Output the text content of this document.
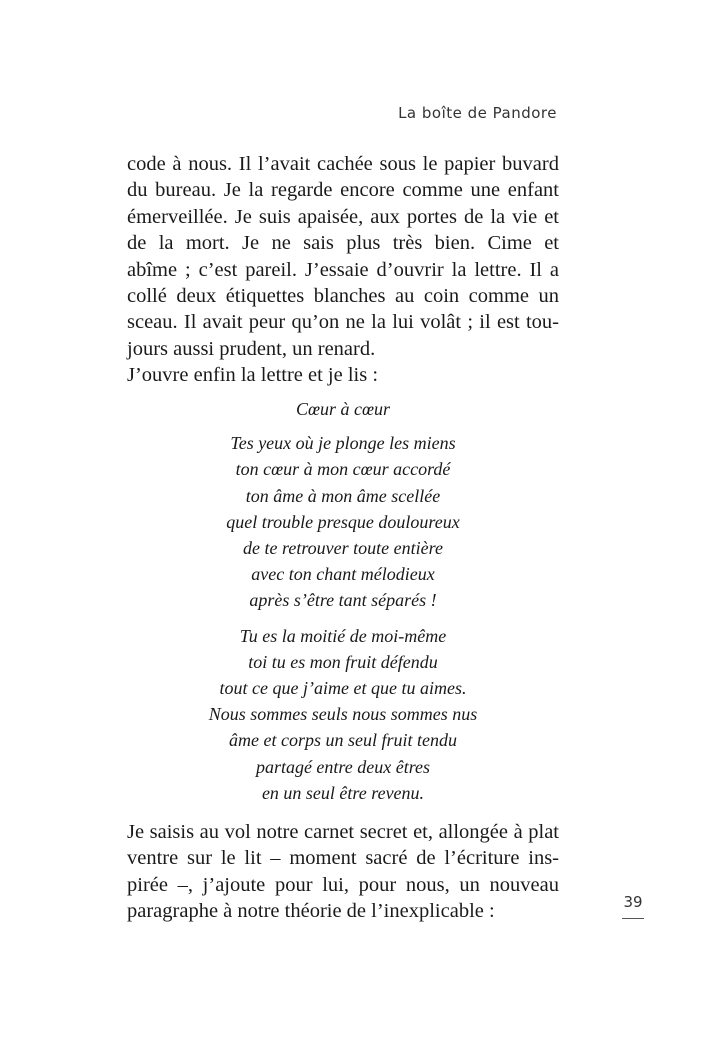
La boîte de Pandore
code à nous. Il l’avait cachée sous le papier buvard
du bureau. Je la regarde encore comme une enfant
émerveillée. Je suis apaisée, aux portes de la vie et
de la mort. Je ne sais plus très bien. Cime et
abîme ; c’est pareil. J’essaie d’ouvrir la lettre. Il a
collé deux étiquettes blanches au coin comme un
sceau. Il avait peur qu’on ne la lui volât ; il est tou-
jours aussi prudent, un renard.
J’ouvre enfin la lettre et je lis :
Cœur à cœur
Tes yeux où je plonge les miens
ton cœur à mon cœur accordé
ton âme à mon âme scellée
quel trouble presque douloureux
de te retrouver toute entière
avec ton chant mélodieux
après s’être tant séparés !
Tu es la moitié de moi-même
toi tu es mon fruit défendu
tout ce que j’aime et que tu aimes.
Nous sommes seuls nous sommes nus
âme et corps un seul fruit tendu
partagé entre deux êtres
en un seul être revenu.
Je saisis au vol notre carnet secret et, allongée à plat
ventre sur le lit – moment sacré de l’écriture ins-
pirée –, j’ajoute pour lui, pour nous, un nouveau
paragraphe à notre théorie de l’inexplicable :	39
